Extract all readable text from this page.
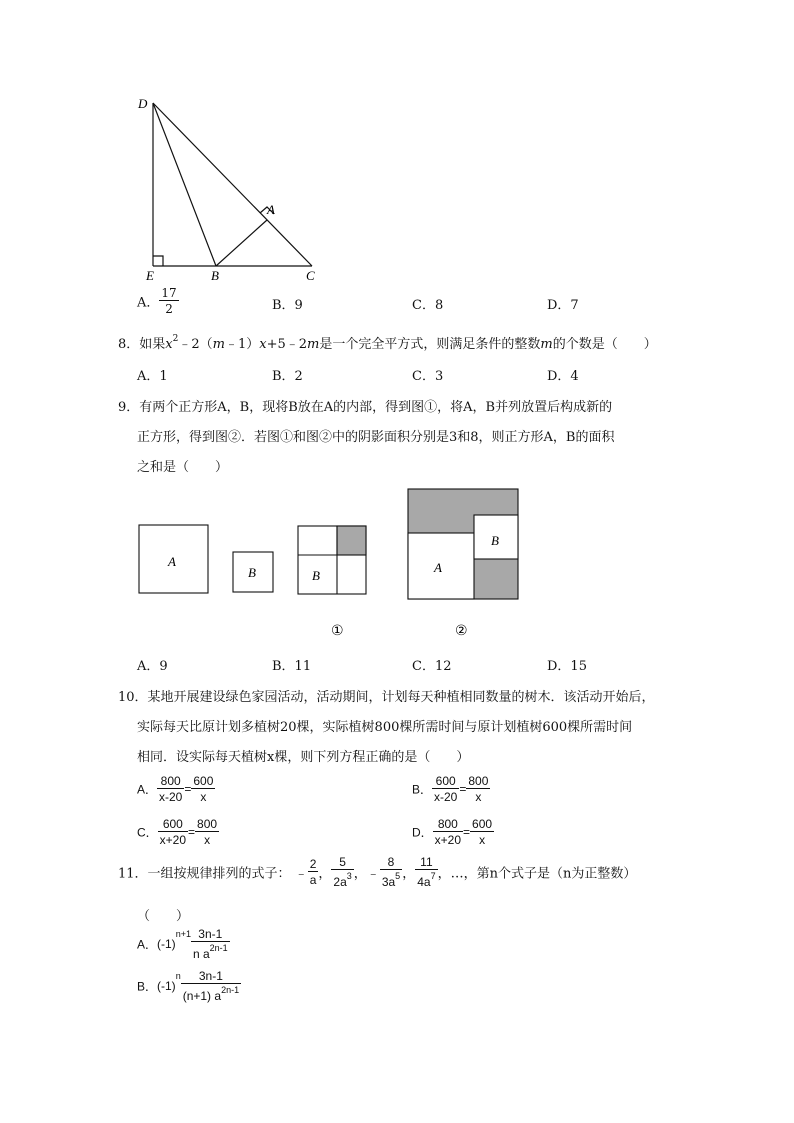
D
A
E	B	C
A． $\frac{17}{2}$	B．9	C．8	D．7
8．如果$x^2﹣2(m﹣1)x+5﹣2m$是一个完全平方式，则满足条件的整数m的个数是（　　）
A．1	B．2	C．3	D．4
9．有两个正方形A，B，现将B放在A的内部，得到图①，将A，B并列放置后构成新的
正方形，得到图②．若图①和图②中的阴影面积分别是3和8，则正方形A，B的面积
之和是（　　）
A
B	B
A
B
①	②
A．9	B．11	C．12	D．15
10．某地开展建设绿色家园活动，活动期间，计划每天种植相同数量的树木．该活动开始后，
实际每天比原计划多植树20棵，实际植树800棵所需时间与原计划植树600棵所需时间
相同．设实际每天植树x棵，则下列方程正确的是（　　）
A． $\frac{800}{x-20} = \frac{600}{x}$	B． $\frac{600}{x-20} = \frac{800}{x}$
C． $\frac{600}{x+20} = \frac{800}{x}$	D． $\frac{800}{x+20} = \frac{600}{x}$
11．一组按规律排列的式子： ﹣ $\frac{2}{a}$ ， $\frac{5}{2a^3}$ ，﹣ $\frac{8}{3a^5}$ ， $\frac{11}{4a^7}$ ，…，第n个式子是（n为正整数）
（　　）
A．$(-1)^{n+1} \frac{3n-1}{n a^{2n-1}}$
B．$(-1)^n \frac{3n-1}{(n+1) a^{2n-1}}$
